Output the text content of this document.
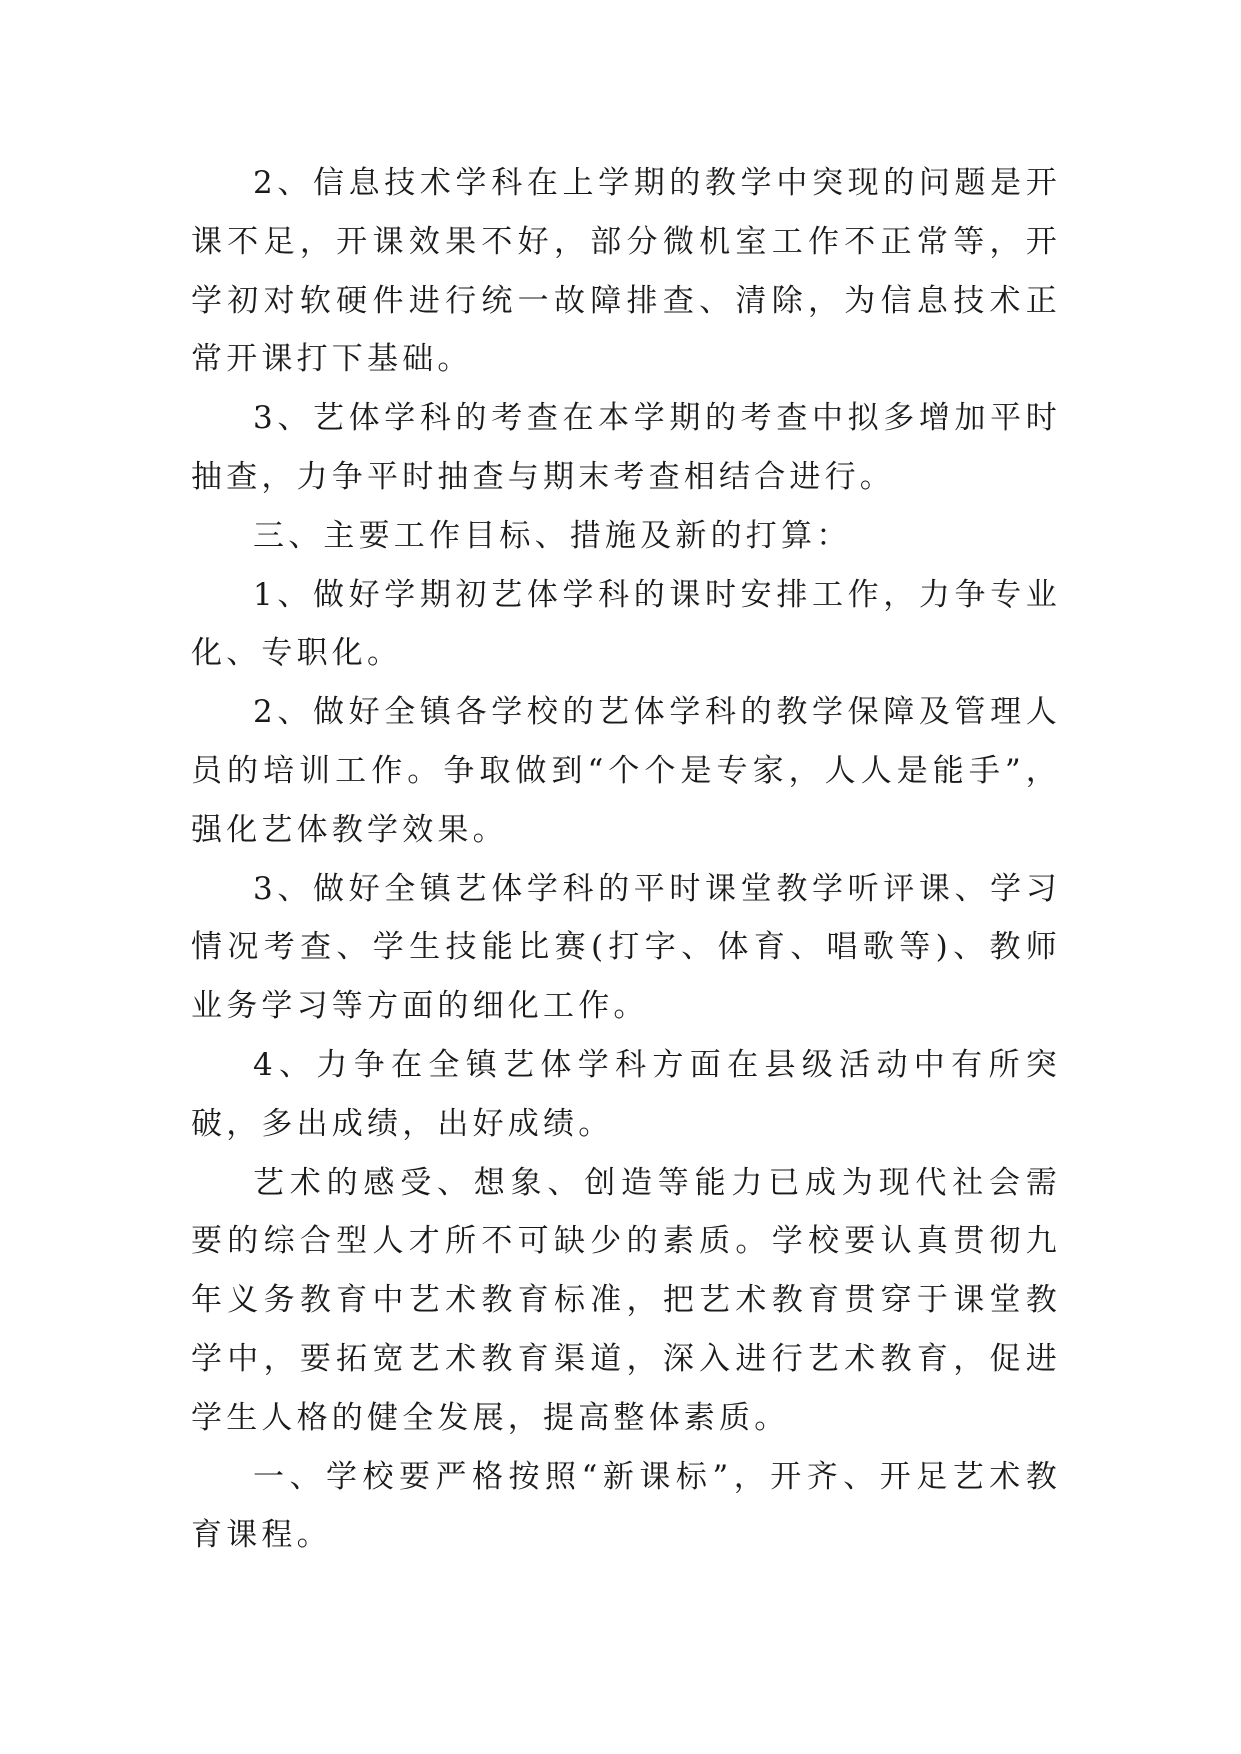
2、信息技术学科在上学期的教学中突现的问题是开课不足，开课效果不好，部分微机室工作不正常等，开学初对软硬件进行统一故障排查、清除，为信息技术正常开课打下基础。

3、艺体学科的考查在本学期的考查中拟多增加平时抽查，力争平时抽查与期末考查相结合进行。

三、主要工作目标、措施及新的打算：

1、做好学期初艺体学科的课时安排工作，力争专业化、专职化。

2、做好全镇各学校的艺体学科的教学保障及管理人员的培训工作。争取做到“个个是专家，人人是能手”，强化艺体教学效果。

3、做好全镇艺体学科的平时课堂教学听评课、学习情况考查、学生技能比赛(打字、体育、唱歌等)、教师业务学习等方面的细化工作。

4、力争在全镇艺体学科方面在县级活动中有所突破，多出成绩，出好成绩。

艺术的感受、想象、创造等能力已成为现代社会需要的综合型人才所不可缺少的素质。学校要认真贯彻九年义务教育中艺术教育标准，把艺术教育贯穿于课堂教学中，要拓宽艺术教育渠道，深入进行艺术教育，促进学生人格的健全发展，提高整体素质。

一、学校要严格按照“新课标”，开齐、开足艺术教育课程。
